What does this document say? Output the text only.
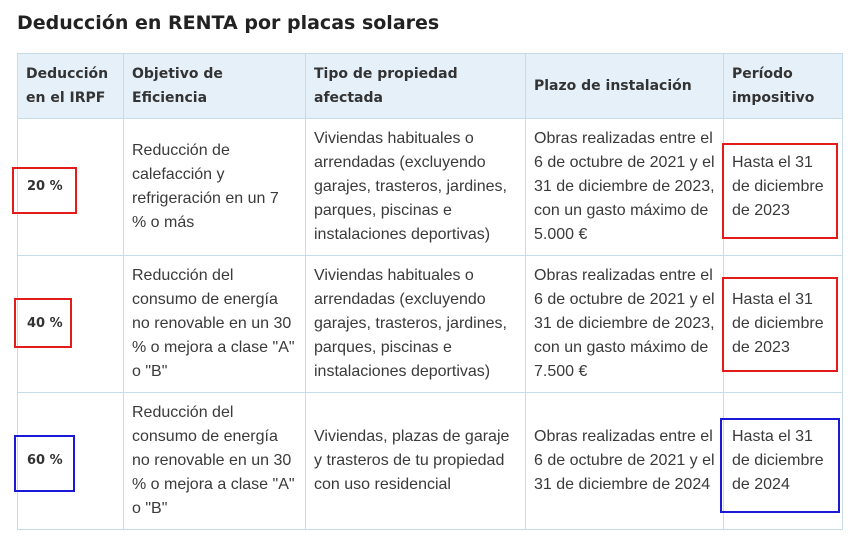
Deducción en RENTA por placas solares
Deducción en el IRPF	Objetivo de Eficiencia	Tipo de propiedad afectada	Plazo de instalación	Período impositivo
20 %	Reducción de calefacción y refrigeración en un 7 % o más	Viviendas habituales o arrendadas (excluyendo garajes, trasteros, jardines, parques, piscinas e instalaciones deportivas)	Obras realizadas entre el 6 de octubre de 2021 y el 31 de diciembre de 2023, con un gasto máximo de 5.000 €	Hasta el 31 de diciembre de 2023
40 %	Reducción del consumo de energía no renovable en un 30 % o mejora a clase "A" o "B"	Viviendas habituales o arrendadas (excluyendo garajes, trasteros, jardines, parques, piscinas e instalaciones deportivas)	Obras realizadas entre el 6 de octubre de 2021 y el 31 de diciembre de 2023, con un gasto máximo de 7.500 €	Hasta el 31 de diciembre de 2023
60 %	Reducción del consumo de energía no renovable en un 30 % o mejora a clase "A" o "B"	Viviendas, plazas de garaje y trasteros de tu propiedad con uso residencial	Obras realizadas entre el 6 de octubre de 2021 y el 31 de diciembre de 2024	Hasta el 31 de diciembre de 2024
